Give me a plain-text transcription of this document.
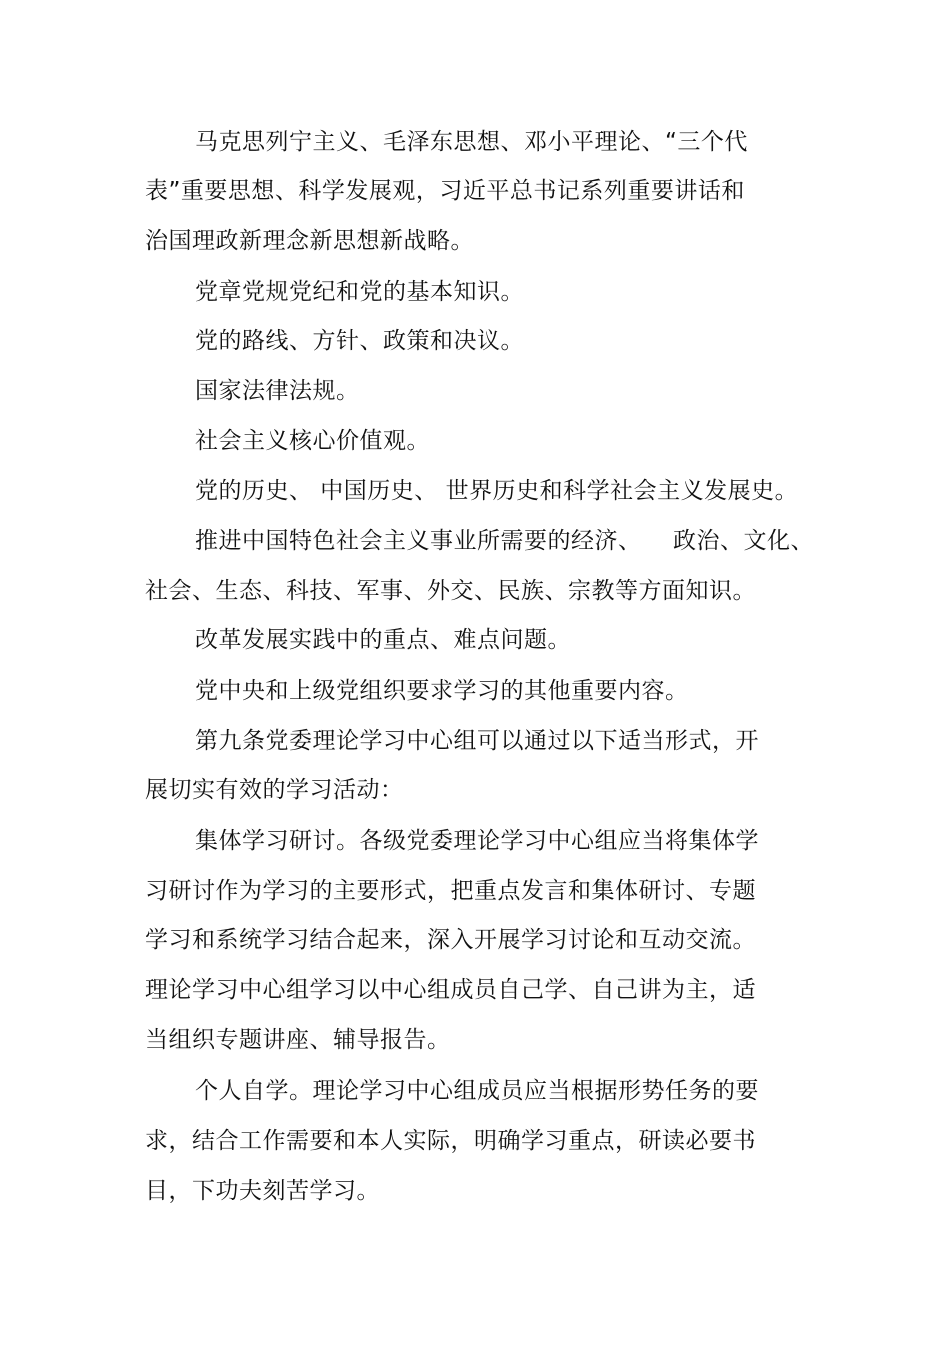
马克思列宁主义、毛泽东思想、邓小平理论、“三个代
表”重要思想、科学发展观，习近平总书记系列重要讲话和
治国理政新理念新思想新战略。
党章党规党纪和党的基本知识。
党的路线、方针、政策和决议。
国家法律法规。
社会主义核心价值观。
党的历史、 中国历史、 世界历史和科学社会主义发展史。
推进中国特色社会主义事业所需要的经济、 政治、文化、
社会、生态、科技、军事、外交、民族、宗教等方面知识。
改革发展实践中的重点、难点问题。
党中央和上级党组织要求学习的其他重要内容。
第九条党委理论学习中心组可以通过以下适当形式，开
展切实有效的学习活动：
集体学习研讨。各级党委理论学习中心组应当将集体学
习研讨作为学习的主要形式，把重点发言和集体研讨、专题
学习和系统学习结合起来，深入开展学习讨论和互动交流。
理论学习中心组学习以中心组成员自己学、自己讲为主，适
当组织专题讲座、辅导报告。
个人自学。理论学习中心组成员应当根据形势任务的要
求，结合工作需要和本人实际，明确学习重点，研读必要书
目，下功夫刻苦学习。
